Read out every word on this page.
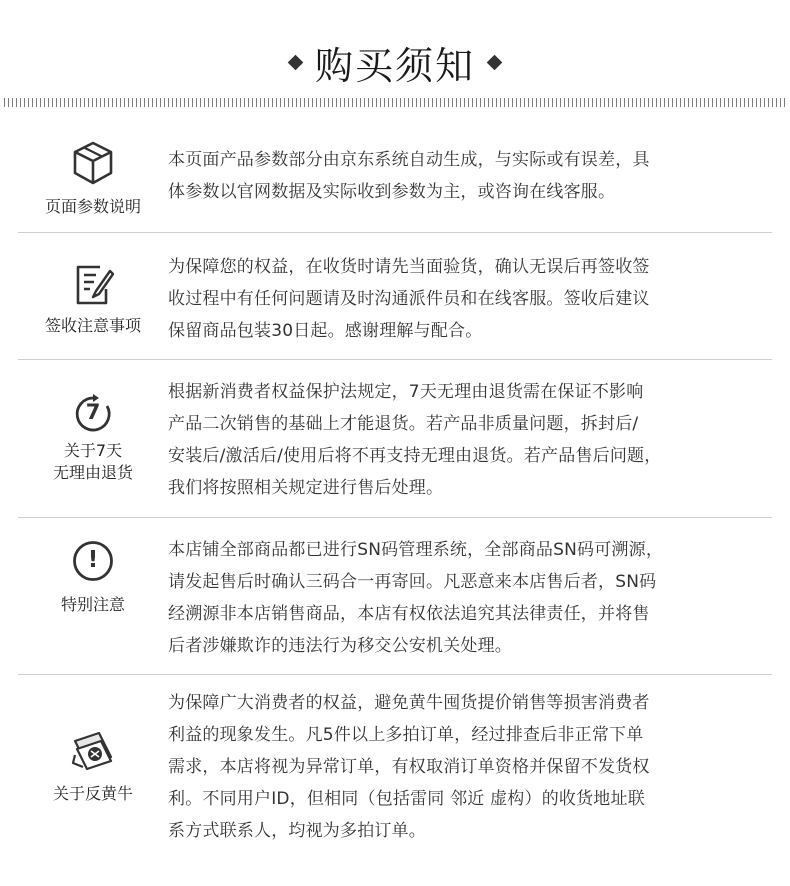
购买须知
页面参数说明
本页面产品参数部分由京东系统自动生成，与实际或有误差，具
体参数以官网数据及实际收到参数为主，或咨询在线客服。
签收注意事项
为保障您的权益，在收货时请先当面验货，确认无误后再签收签
收过程中有任何问题请及时沟通派件员和在线客服。签收后建议
保留商品包装30日起。感谢理解与配合。
7
关于7天
无理由退货
根据新消费者权益保护法规定，7天无理由退货需在保证不影响
产品二次销售的基础上才能退货。若产品非质量问题，拆封后/
安装后/激活后/使用后将不再支持无理由退货。若产品售后问题，
我们将按照相关规定进行售后处理。
!
特别注意
本店铺全部商品都已进行SN码管理系统，全部商品SN码可溯源，
请发起售后时确认三码合一再寄回。凡恶意来本店售后者，SN码
经溯源非本店销售商品，本店有权依法追究其法律责任，并将售
后者涉嫌欺诈的违法行为移交公安机关处理。
关于反黄牛
为保障广大消费者的权益，避免黄牛囤货提价销售等损害消费者
利益的现象发生。凡5件以上多拍订单，经过排查后非正常下单
需求，本店将视为异常订单，有权取消订单资格并保留不发货权
利。不同用户ID，但相同（包括雷同 邻近 虚构）的收货地址联
系方式联系人，均视为多拍订单。
